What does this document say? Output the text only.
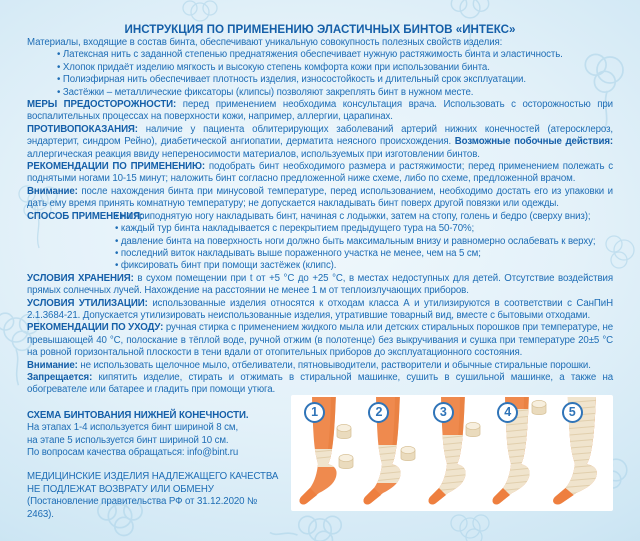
ИНСТРУКЦИЯ ПО ПРИМЕНЕНИЮ ЭЛАСТИЧНЫХ БИНТОВ «ИНТЕКС»

Материалы, входящие в состав бинта, обеспечивают уникальную совокупность полезных свойств изделия:

• Латексная нить с заданной степенью преднатяжения обеспечивает нужную растяжимость бинта и эластичность.
• Хлопок придаёт изделию мягкость и высокую степень комфорта кожи при использовании бинта.
• Полиэфирная нить обеспечивает плотность изделия, износостойкость и длительный срок эксплуатации.
• Застёжки – металлические фиксаторы (клипсы) позволяют закреплять бинт в нужном месте.

МЕРЫ ПРЕДОСТОРОЖНОСТИ: перед применением необходима консультация врача. Использовать с осторожностью при воспалительных процессах на поверхности кожи, например, аллергии, царапинах.

ПРОТИВОПОКАЗАНИЯ: наличие у пациента облитерирующих заболеваний артерий нижних конечностей (атеросклероз, эндартерит, синдром Рейно), диабетической ангиопатии, дерматита неясного происхождения. Возможные побочные действия: аллергическая реакция ввиду непереносимости материалов, используемых при изготовлении бинтов.

РЕКОМЕНДАЦИИ ПО ПРИМЕНЕНИЮ: подобрать бинт необходимого размера и растяжимости; перед применением полежать с поднятыми ногами 10-15 минут; наложить бинт согласно предложенной ниже схеме, либо по схеме, предложенной врачом.

Внимание: после нахождения бинта при минусовой температуре, перед использованием, необходимо достать его из упаковки и дать ему время принять комнатную температуру; не допускается накладывать бинт поверх другой повязки или одежды.

СПОСОБ ПРИМЕНЕНИЯ:
• на приподнятую ногу накладывать бинт, начиная с лодыжки, затем на стопу, голень и бедро (сверху вниз);
• каждый тур бинта накладывается с перекрытием предыдущего тура на 50-70%;
• давление бинта на поверхность ноги должно быть максимальным внизу и равномерно ослабевать к верху;
• последний виток накладывать выше пораженного участка не менее, чем на 5 см;
• фиксировать бинт при помощи застёжек (клипс).

УСЛОВИЯ ХРАНЕНИЯ: в сухом помещении при t от +5 °С до +25 °С, в местах недоступных для детей. Отсутствие воздействия прямых солнечных лучей. Нахождение на расстоянии не менее 1 м от теплоизлучающих приборов.

УСЛОВИЯ УТИЛИЗАЦИИ: использованные изделия относятся к отходам класса А и утилизируются в соответствии с СанПиН 2.1.3684-21. Допускается утилизировать неиспользованные изделия, утратившие товарный вид, вместе с бытовыми отходами.

РЕКОМЕНДАЦИИ ПО УХОДУ: ручная стирка с применением жидкого мыла или детских стиральных порошков при температуре, не превышающей 40 °С, полоскание в тёплой воде, ручной отжим (в полотенце) без выкручивания и сушка при температуре 20±5 °С на ровной горизонтальной плоскости в тени вдали от отопительных приборов до эксплуатационного состояния.

Внимание: не использовать щелочное мыло, отбеливатели, пятновыводители, растворители и обычные стиральные порошки.

Запрещается: кипятить изделие, стирать и отжимать в стиральной машинке, сушить в сушильной машинке, а также на обогревателе или батарее и гладить при помощи утюга.

СХЕМА БИНТОВАНИЯ НИЖНЕЙ КОНЕЧНОСТИ.

На этапах 1-4 используется бинт шириной 8 см,
на этапе 5 используется бинт шириной 10 см.
По вопросам качества обращаться: info@bint.ru
МЕДИЦИНСКИЕ ИЗДЕЛИЯ НАДЛЕЖАЩЕГО КАЧЕСТВА
НЕ ПОДЛЕЖАТ ВОЗВРАТУ ИЛИ ОБМЕНУ
(Постановление правительства РФ от 31.12.2020 № 2463).
1	2	3	4	5
